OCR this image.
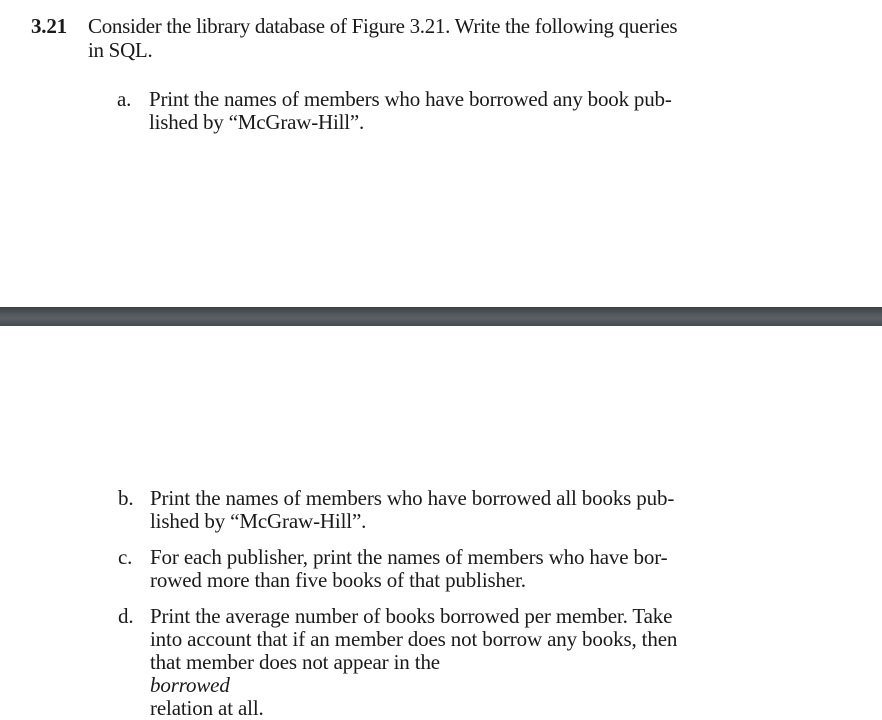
3.21 Consider the library database of Figure 3.21. Write the following queries
in SQL.
a. Print the names of members who have borrowed any book pub-
lished by “McGraw-Hill”.
b. Print the names of members who have borrowed all books pub-
lished by “McGraw-Hill”.
c. For each publisher, print the names of members who have bor-
rowed more than five books of that publisher.
d. Print the average number of books borrowed per member. Take
into account that if an member does not borrow any books, then
that member does not appear in the
borrowed
relation at all.
